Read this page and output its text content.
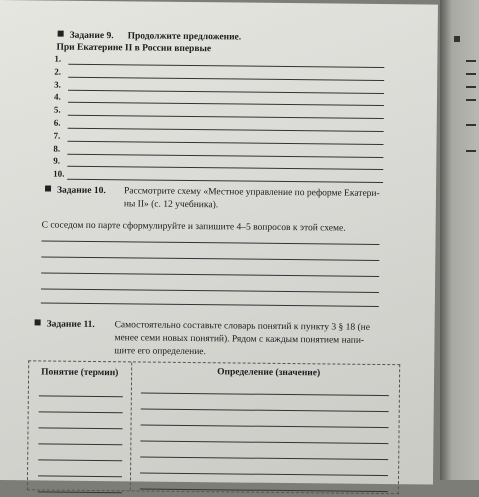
Задание 9. Продолжите предложение.
При Екатерине II в России впервые
1.
2.
3.
4.
5.
6.
7.
8.
9.
10.
Задание 10. Рассмотрите схему «Местное управление по реформе Екатери-
ны II» (с. 12 учебника).
С соседом по парте сформулируйте и запишите 4–5 вопросов к этой схеме.
Задание 11. Самостоятельно составьте словарь понятий к пункту 3 § 18 (не
менее семи новых понятий). Рядом с каждым понятием напи-
шите его определение.
Понятие (термин)	Определение (значение)
